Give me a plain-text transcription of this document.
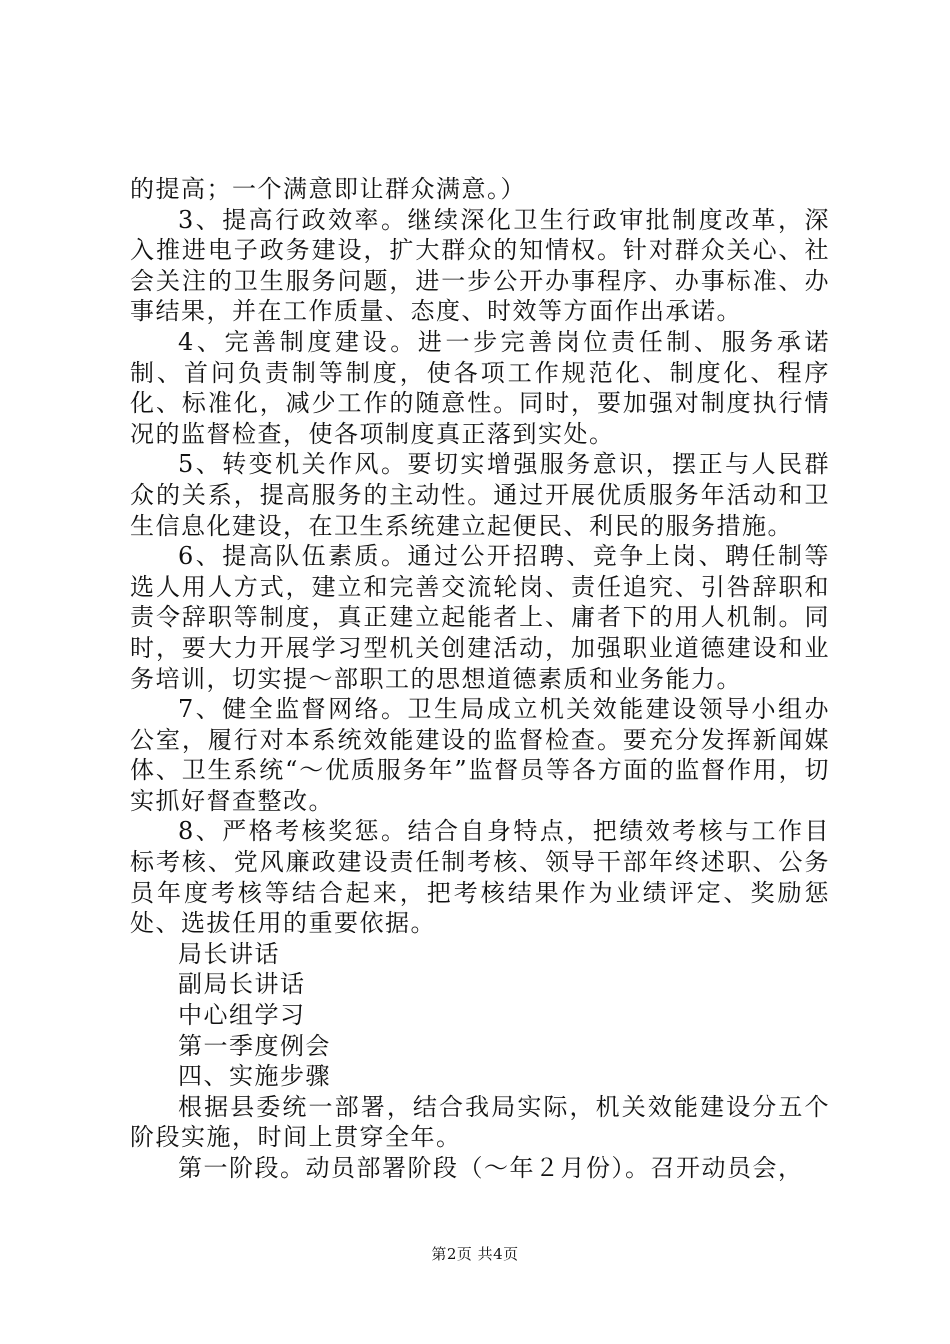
的提高；一个满意即让群众满意。）

3、提高行政效率。继续深化卫生行政审批制度改革，深入推进电子政务建设，扩大群众的知情权。针对群众关心、社会关注的卫生服务问题，进一步公开办事程序、办事标准、办事结果，并在工作质量、态度、时效等方面作出承诺。

4、完善制度建设。进一步完善岗位责任制、服务承诺制、首问负责制等制度，使各项工作规范化、制度化、程序化、标准化，减少工作的随意性。同时，要加强对制度执行情况的监督检查，使各项制度真正落到实处。

5、转变机关作风。要切实增强服务意识，摆正与人民群众的关系，提高服务的主动性。通过开展优质服务年活动和卫生信息化建设，在卫生系统建立起便民、利民的服务措施。

6、提高队伍素质。通过公开招聘、竞争上岗、聘任制等选人用人方式，建立和完善交流轮岗、责任追究、引咎辞职和责令辞职等制度，真正建立起能者上、庸者下的用人机制。同时，要大力开展学习型机关创建活动，加强职业道德建设和业务培训，切实提～部职工的思想道德素质和业务能力。

7、健全监督网络。卫生局成立机关效能建设领导小组办公室，履行对本系统效能建设的监督检查。要充分发挥新闻媒体、卫生系统“～优质服务年”监督员等各方面的监督作用，切实抓好督查整改。

8、严格考核奖惩。结合自身特点，把绩效考核与工作目标考核、党风廉政建设责任制考核、领导干部年终述职、公务员年度考核等结合起来，把考核结果作为业绩评定、奖励惩处、选拔任用的重要依据。

局长讲话

副局长讲话

中心组学习

第一季度例会

四、实施步骤

根据县委统一部署，结合我局实际，机关效能建设分五个阶段实施，时间上贯穿全年。

第一阶段。动员部署阶段（～年２月份）。召开动员会，

第2页 共4页
